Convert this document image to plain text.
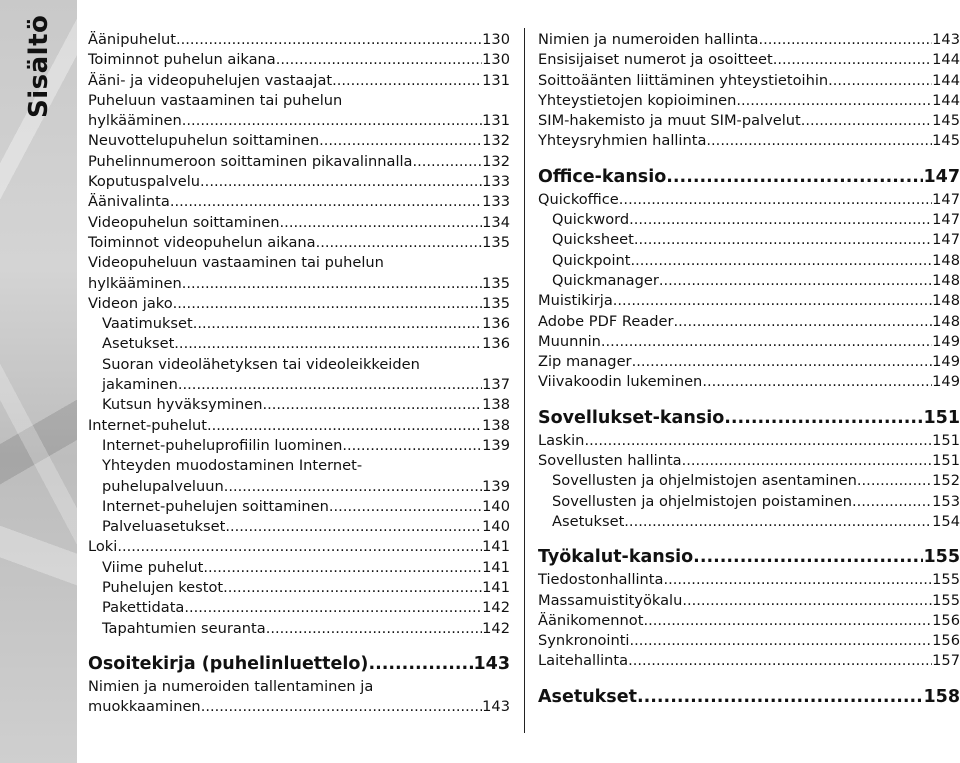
Sisältö Äänipuhelut .....	130
Toiminnot puhelun aikana .....	130
Ääni- ja videopuhelujen vastaajat .....	131
Puheluun vastaaminen tai puhelun
hylkääminen .....	131
Neuvottelupuhelun soittaminen .....	132
Puhelinnumeroon soittaminen pikavalinnalla .....	132
Koputuspalvelu .....	133
Äänivalinta .....	133
Videopuhelun soittaminen .....	134
Toiminnot videopuhelun aikana .....	135
Videopuheluun vastaaminen tai puhelun
hylkääminen .....	135
Videon jako .....	135
Vaatimukset .....	136
Asetukset .....	136
Suoran videolähetyksen tai videoleikkeiden
jakaminen .....	137
Kutsun hyväksyminen .....	138
Internet-puhelut .....	138
Internet-puheluprofiilin luominen .....	139
Yhteyden muodostaminen Internet-
puhelupalveluun .....	139
Internet-puhelujen soittaminen .....	140
Palveluasetukset .....	140
Loki .....	141
Viime puhelut .....	141
Puhelujen kestot .....	141
Pakettidata .....	142
Tapahtumien seuranta .....	142
Osoitekirja (puhelinluettelo) .....	143
Nimien ja numeroiden tallentaminen ja
muokkaaminen .....	143
Nimien ja numeroiden hallinta .....	143
Ensisijaiset numerot ja osoitteet .....	144
Soittoäänten liittäminen yhteystietoihin .....	144
Yhteystietojen kopioiminen .....	144
SIM-hakemisto ja muut SIM-palvelut .....	145
Yhteysryhmien hallinta .....	145
Office-kansio .....	147
Quickoffice .....	147
Quickword .....	147
Quicksheet .....	147
Quickpoint .....	148
Quickmanager .....	148
Muistikirja .....	148
Adobe PDF Reader .....	148
Muunnin .....	149
Zip manager .....	149
Viivakoodin lukeminen .....	149
Sovellukset-kansio .....	151
Laskin .....	151
Sovellusten hallinta .....	151
Sovellusten ja ohjelmistojen asentaminen .....	152
Sovellusten ja ohjelmistojen poistaminen .....	153
Asetukset .....	154
Työkalut-kansio .....	155
Tiedostonhallinta .....	155
Massamuistityökalu .....	155
Äänikomennot .....	156
Synkronointi .....	156
Laitehallinta .....	157
Asetukset .....	158
